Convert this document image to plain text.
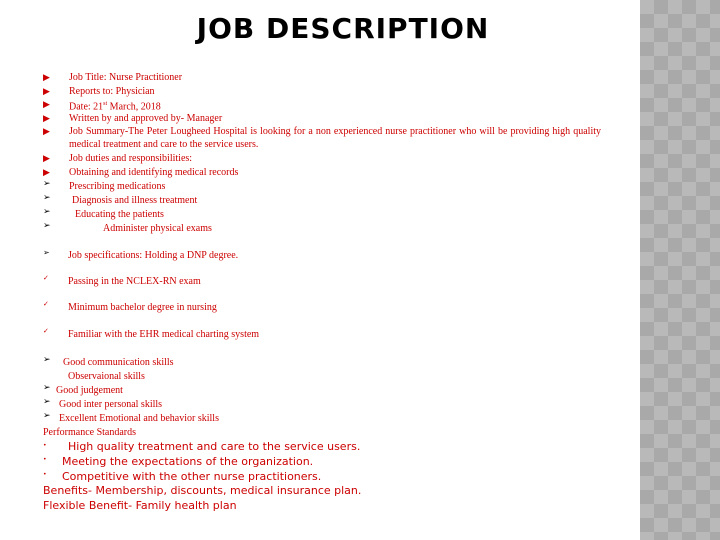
JOB DESCRIPTION
▶ Job Title: Nurse Practitioner
▶ Reports to: Physician
▶ Date: 21st March, 2018
▶ Written by and approved by- Manager
▶ Job Summary-The Peter Lougheed Hospital is looking for a non experienced nurse practitioner who will be providing high quality medical treatment and care to the service users.
▶ Job duties and responsibilities:
▶ Obtaining and identifying medical records
➢ Prescribing medications
➢ Diagnosis and illness treatment
➢ Educating the patients
➢	Administer physical exams
➢ Job specifications: Holding a DNP degree.
✓ Passing in the NCLEX-RN exam
✓ Minimum bachelor degree in nursing
✓ Familiar with the EHR medical charting system
➢ Good communication skills
Observaional skills
➢ Good judgement
➢ Good inter personal skills
➢ Excellent Emotional and behavior skills
Performance Standards
• High quality treatment and care to the service users.
• Meeting the expectations of the organization.
• Competitive with the other nurse practitioners.
Benefits- Membership, discounts, medical insurance plan.
Flexible Benefit- Family health plan
